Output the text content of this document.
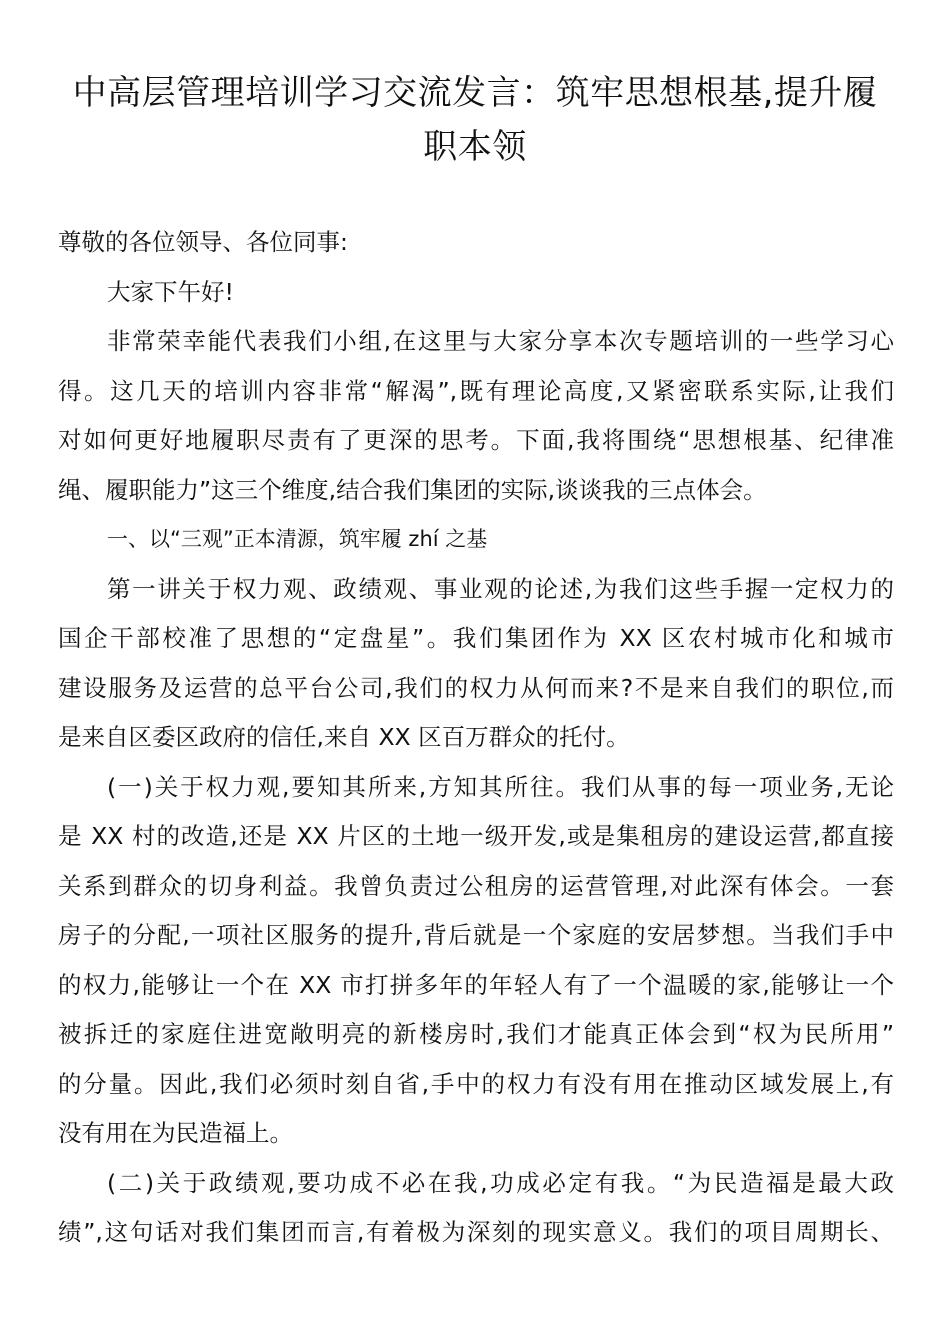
中高层管理培训学习交流发言：筑牢思想根基,提升履
职本领
尊敬的各位领导、各位同事:
大家下午好!
非常荣幸能代表我们小组,在这里与大家分享本次专题培训的一些学习心
得。这几天的培训内容非常“解渴”,既有理论高度,又紧密联系实际,让我们
对如何更好地履职尽责有了更深的思考。下面,我将围绕“思想根基、纪律准
绳、履职能力”这三个维度,结合我们集团的实际,谈谈我的三点体会。
一、以“三观”正本清源，筑牢履 zhí 之基
第一讲关于权力观、政绩观、事业观的论述,为我们这些手握一定权力的
国企干部校准了思想的“定盘星”。我们集团作为 XX 区农村城市化和城市
建设服务及运营的总平台公司,我们的权力从何而来?不是来自我们的职位,而
是来自区委区政府的信任,来自 XX 区百万群众的托付。
(一)关于权力观,要知其所来,方知其所往。我们从事的每一项业务,无论
是 XX 村的改造,还是 XX 片区的土地一级开发,或是集租房的建设运营,都直接
关系到群众的切身利益。我曾负责过公租房的运营管理,对此深有体会。一套
房子的分配,一项社区服务的提升,背后就是一个家庭的安居梦想。当我们手中
的权力,能够让一个在 XX 市打拼多年的年轻人有了一个温暖的家,能够让一个
被拆迁的家庭住进宽敞明亮的新楼房时,我们才能真正体会到“权为民所用”
的分量。因此,我们必须时刻自省,手中的权力有没有用在推动区域发展上,有
没有用在为民造福上。
(二)关于政绩观,要功成不必在我,功成必定有我。“为民造福是最大政
绩”,这句话对我们集团而言,有着极为深刻的现实意义。我们的项目周期长、
